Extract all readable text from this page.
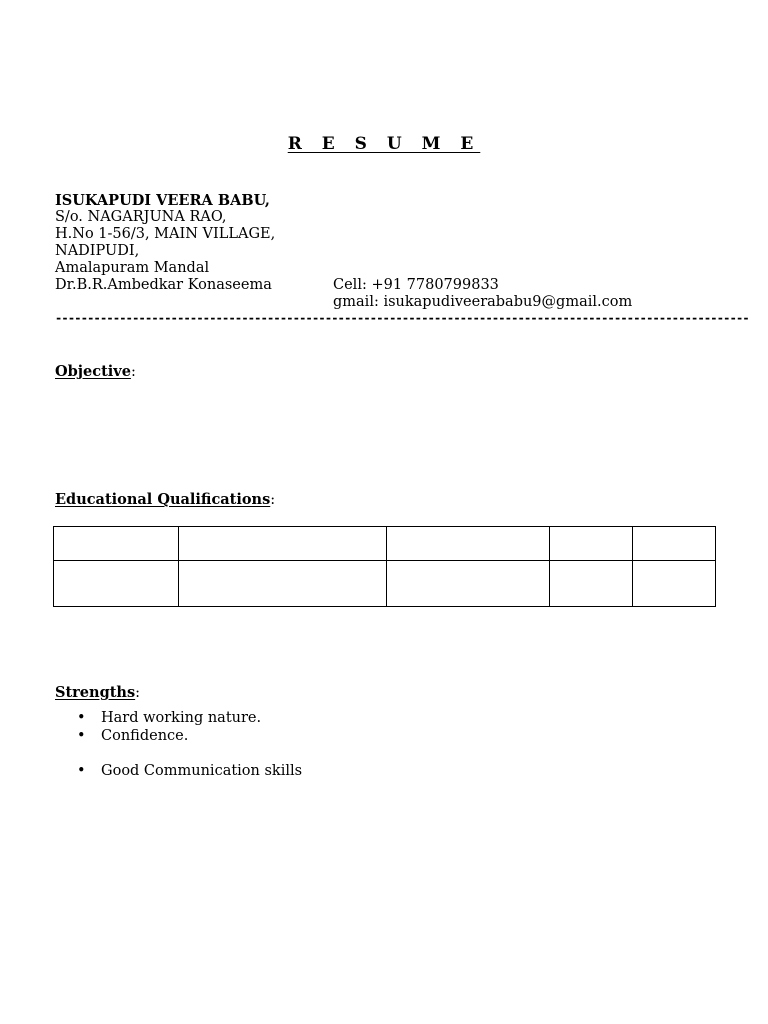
R E S U M E
ISUKAPUDI VEERA BABU,
S/o. NAGARJUNA RAO,
H.No 1-56/3, MAIN VILLAGE,
NADIPUDI,
Amalapuram Mandal
Dr.B.R.Ambedkar Konaseema	Cell: +91 7780799833
gmail: isukapudiveerababu9@gmail.com
------------------------------------------------------------------------------------------------------------
Objective:
Educational Qualifications:

Strengths:
• Hard working nature.
• Confidence.
• Good Communication skills
